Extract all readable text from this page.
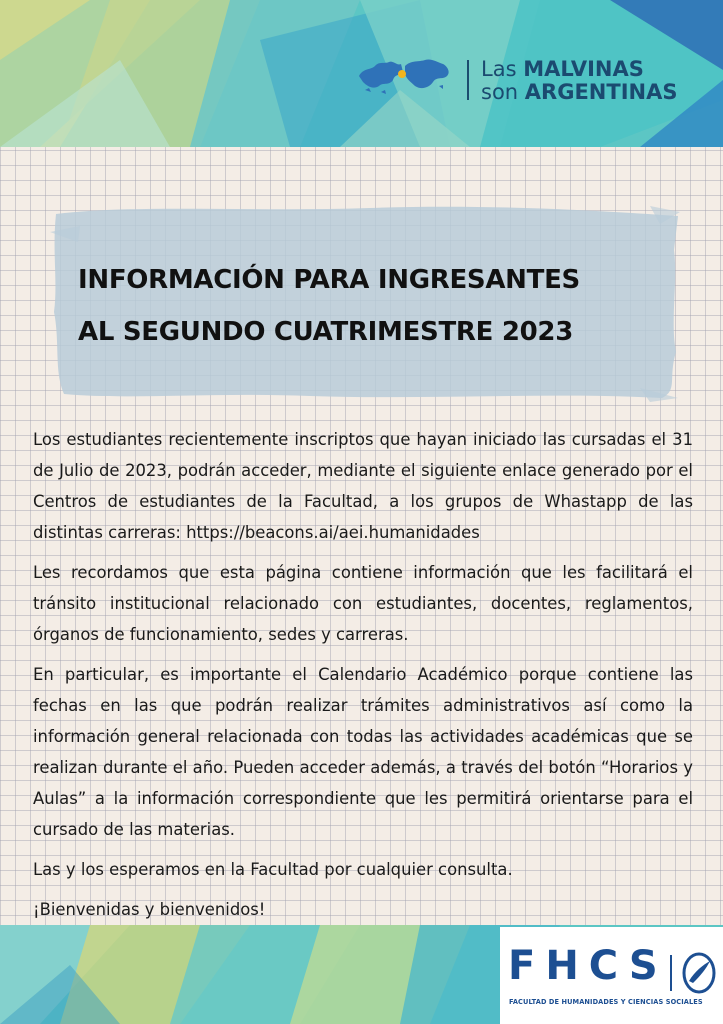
Las MALVINAS
son ARGENTINAS
INFORMACIÓN PARA INGRESANTES
AL SEGUNDO CUATRIMESTRE 2023

Los estudiantes recientemente inscriptos que hayan iniciado las cursadas el 31 de Julio de 2023, podrán acceder, mediante el siguiente enlace generado por el Centros de estudiantes de la Facultad, a los grupos de Whastapp de las distintas carreras: https://beacons.ai/aei.humanidades

Les recordamos que esta página contiene información que les facilitará el tránsito institucional relacionado con estudiantes, docentes, reglamentos, órganos de funcionamiento, sedes y carreras.

En particular, es importante el Calendario Académico porque contiene las fechas en las que podrán realizar trámites administrativos así como la información general relacionada con todas las actividades académicas que se realizan durante el año. Pueden acceder además, a través del botón “Horarios y Aulas” a la información correspondiente que les permitirá orientarse para el cursado de las materias.

Las y los esperamos en la Facultad por cualquier consulta.

¡Bienvenidas y bienvenidos!

FHCS
FACULTAD DE HUMANIDADES Y CIENCIAS SOCIALES
